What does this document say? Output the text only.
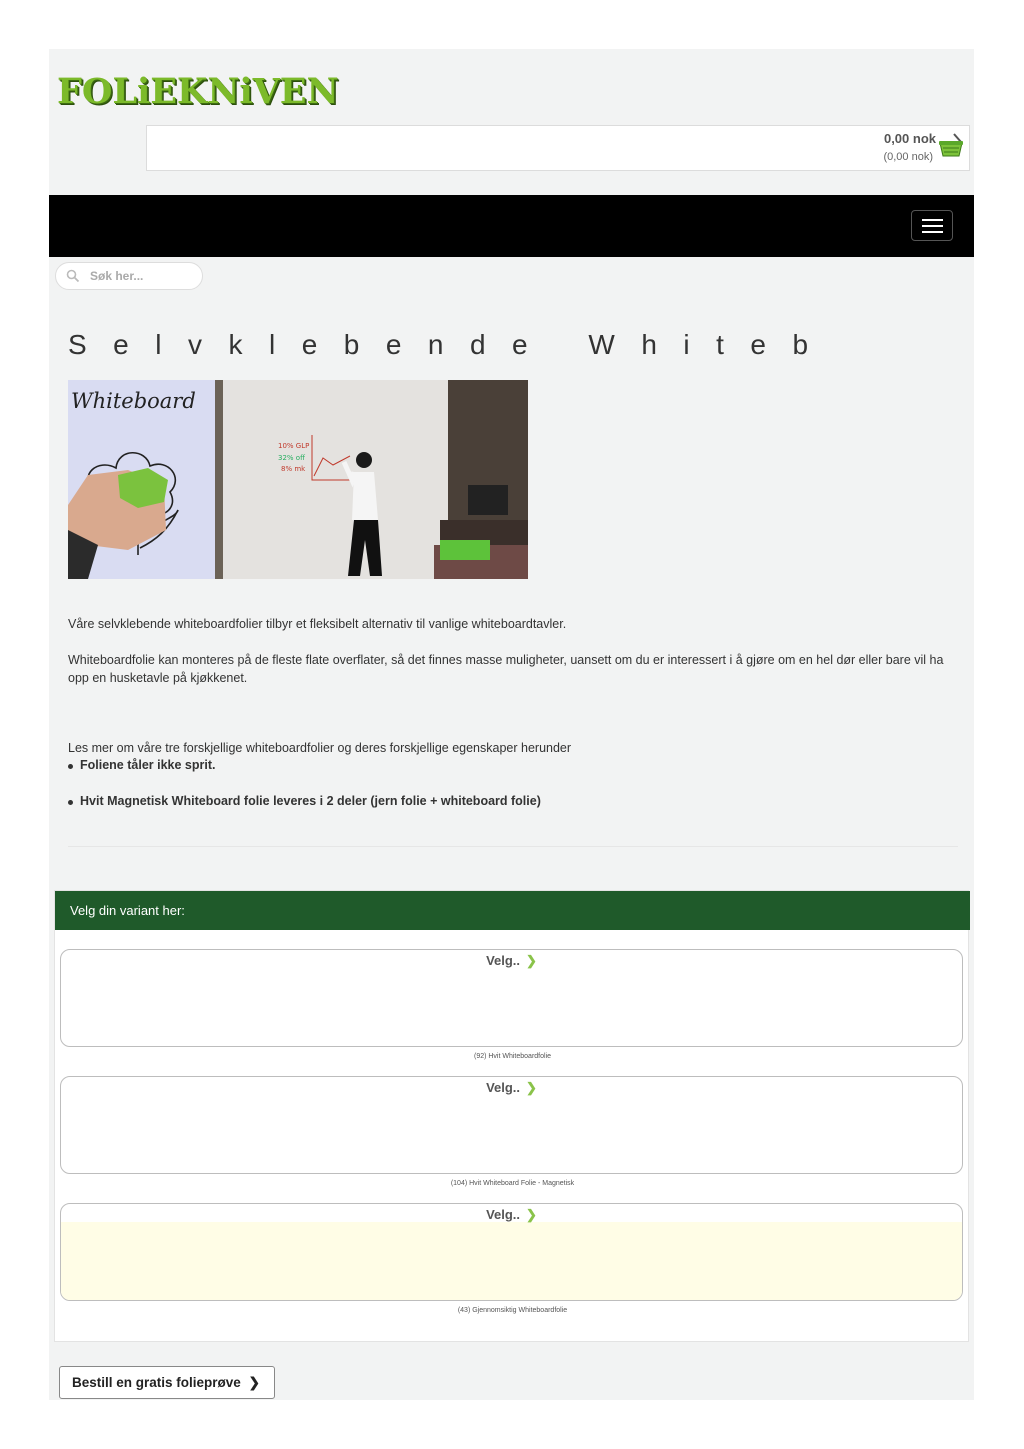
FOLiEKNiVEN
0,00 nok
(0,00 nok)
Søk her...
Selvklebende Whiteb
Whiteboard
10% GLP
32% off
8% mk

Våre selvklebende whiteboardfolier tilbyr et fleksibelt alternativ til vanlige whiteboardtavler.

Whiteboardfolie kan monteres på de fleste flate overflater, så det finnes masse muligheter, uansett om du er interessert i å gjøre om en hel dør eller bare vil ha opp en husketavle på kjøkkenet.

Les mer om våre tre forskjellige whiteboardfolier og deres forskjellige egenskaper herunder

Foliene tåler ikke sprit.
Hvit Magnetisk Whiteboard folie leveres i 2 deler (jern folie + whiteboard folie)
Velg din variant her:
Velg.. ❯
(92) Hvit Whiteboardfolie
Velg.. ❯
(104) Hvit Whiteboard Folie - Magnetisk
Velg.. ❯
(43) Gjennomsiktig Whiteboardfolie
Bestill en gratis folieprøve ❯
